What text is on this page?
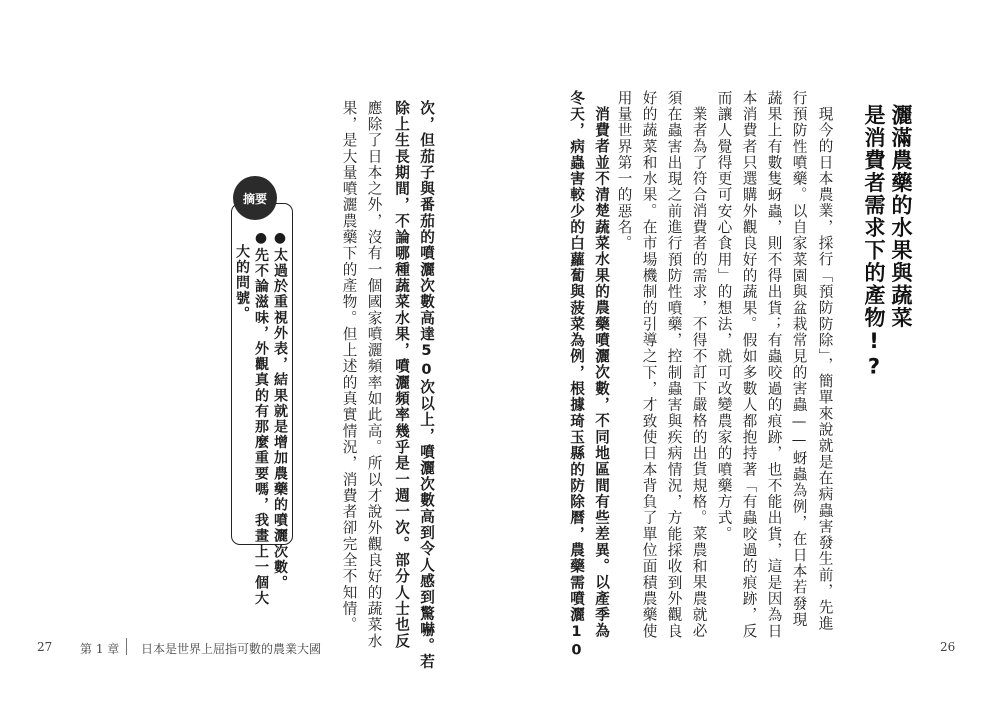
灑滿農藥的水果與蔬菜
是消費者需求下的產物!?
現今的日本農業，採行「預防防除」，簡單來說就是在病蟲害發生前，先進
行預防性噴藥。以自家菜園與盆栽常見的害蟲——蚜蟲為例，在日本若發現
蔬果上有數隻蚜蟲，則不得出貨；有蟲咬過的痕跡，也不能出貨，這是因為日
本消費者只選購外觀良好的蔬果。假如多數人都抱持著「有蟲咬過的痕跡，反
而讓人覺得更可安心食用」的想法，就可改變農家的噴藥方式。
業者為了符合消費者的需求，不得不訂下嚴格的出貨規格。菜農和果農就必
須在蟲害出現之前進行預防性噴藥，控制蟲害與疾病情況，方能採收到外觀良
好的蔬菜和水果。在市場機制的引導之下，才致使日本背負了單位面積農藥使
用量世界第一的惡名。
消費者並不清楚蔬菜水果的農藥噴灑次數，不同地區間有些差異。以產季為
冬天，病蟲害較少的白蘿蔔與菠菜為例，根據琦玉縣的防除曆，農藥需噴灑10
次，但茄子與番茄的噴灑次數高達50次以上，噴灑次數高到令人感到驚嚇。若
除上生長期間，不論哪種蔬菜水果，噴灑頻率幾乎是一週一次。部分人士也反
應除了日本之外，沒有一個國家噴灑頻率如此高。所以才說外觀良好的蔬菜水
果，是大量噴灑農藥下的產物。但上述的真實情況，消費者卻完全不知情。
摘要
●太過於重視外表，結果就是增加農藥的噴灑次數。
●先不論滋味，外觀真的有那麼重要嗎，我畫上一個大
大的問號。
27 第 1 章 日本是世界上屈指可數的農業大國	26
